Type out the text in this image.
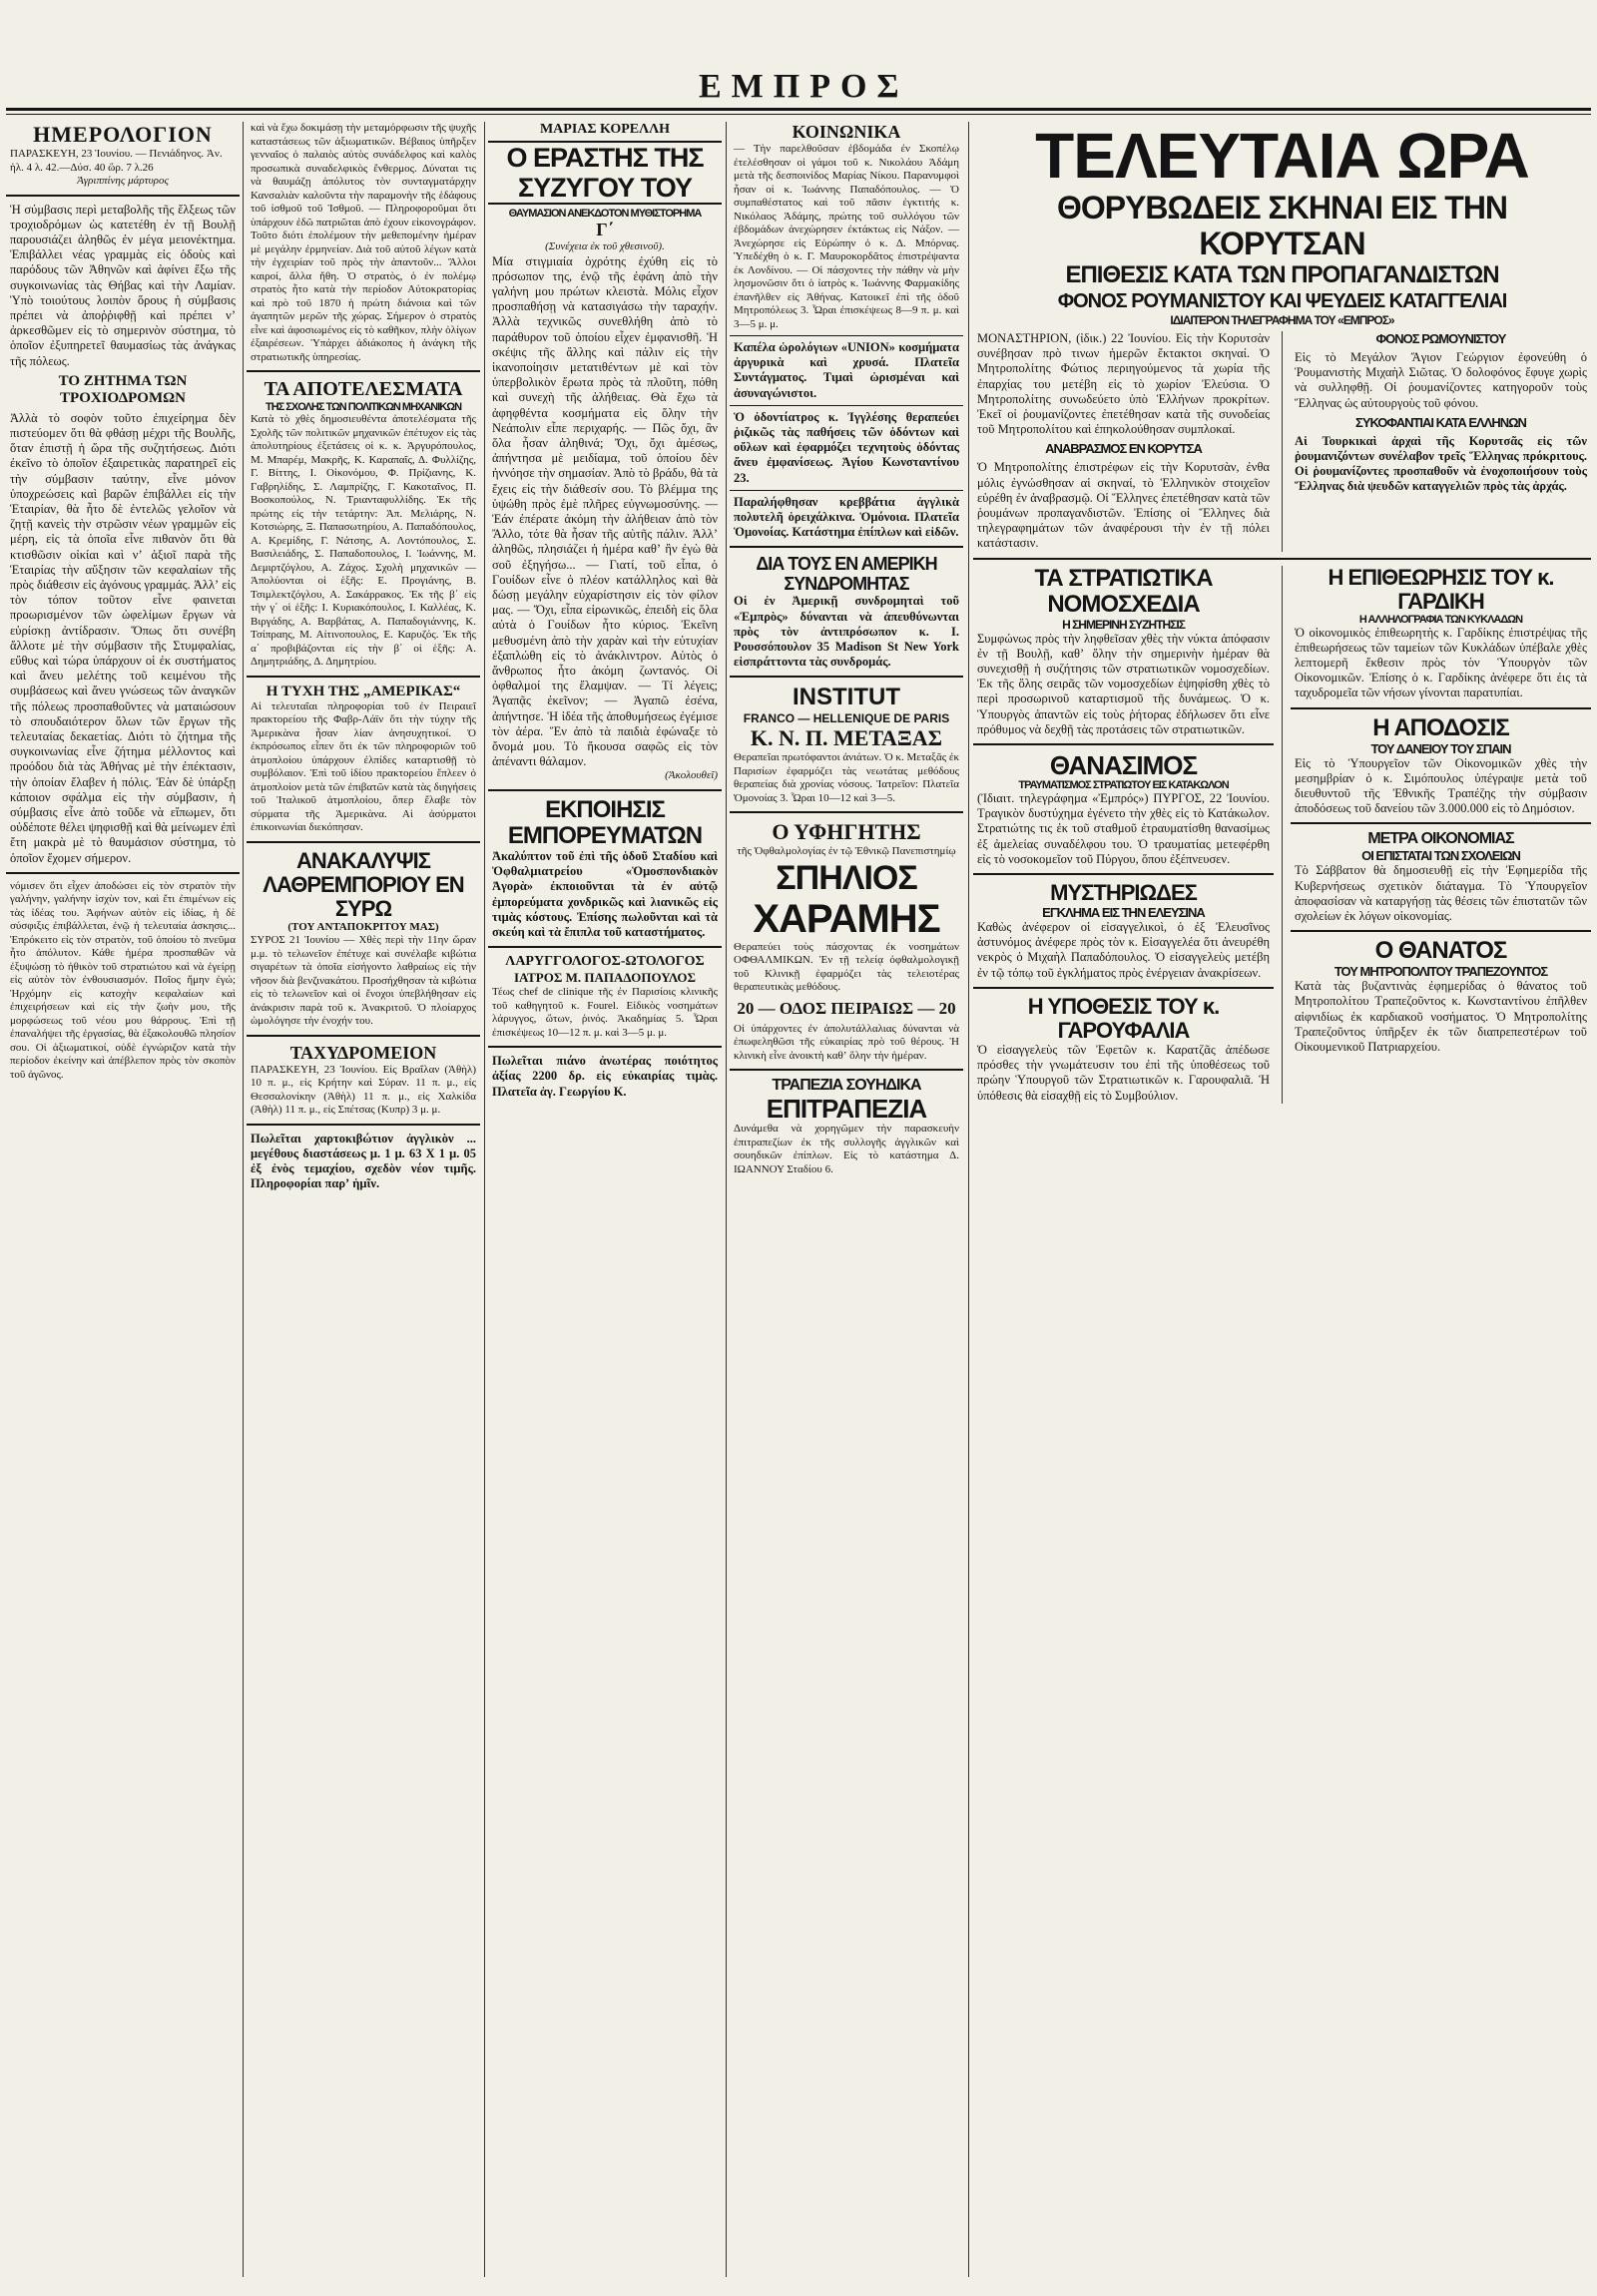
ΕΜΠΡΟΣ
ΗΜΕΡΟΛΟΓΙΟΝ
ΠΑΡΑΣΚΕΥΗ, 23 Ἰουνίου. — Πενιάδηνος. Ἀν. ἡλ. 4 λ. 42.—Δύσ. 40 ὥρ. 7 λ.26
Ἀγριππίνης μάρτυρος
Ἡ σύμβασις περὶ μεταβολῆς τῆς ἕλξεως τῶν τροχιοδρόμων ὡς κατετέθη ἐν τῇ Βουλῇ παρουσιάζει ἀληθῶς ἐν μέγα μειονέκτημα. Ἐπιβάλλει νέας γραμμὰς εἰς ὁδοὺς καὶ παρόδους τῶν Ἀθηνῶν καὶ ἀφίνει ἔξω τῆς συγκοινωνίας τὰς Θήβας καὶ τὴν Λαμίαν. Ὑπὸ τοιούτους λοιπὸν ὅρους ἡ σύμβασις πρέπει νὰ ἀποῤῥιφθῇ καὶ πρέπει νʼ ἀρκεσθῶμεν εἰς τὸ σημερινὸν σύστημα, τὸ ὁποῖον ἐξυπηρετεῖ θαυμασίως τὰς ἀνάγκας τῆς πόλεως.
ΤΟ ΖΗΤΗΜΑ ΤΩΝ ΤΡΟΧΙΟΔΡΟΜΩΝ
Ἀλλὰ τὸ σοφὸν τοῦτο ἐπιχείρημα δὲν πιστεύομεν ὅτι θὰ φθάσῃ μέχρι τῆς Βουλῆς, ὅταν ἐπιστῇ ἡ ὥρα τῆς συζητήσεως. Διότι ἐκεῖνο τὸ ὁποῖον ἐξαιρετικὰς παρατηρεῖ εἰς τὴν σύμβασιν ταύτην, εἶνε μόνον ὑποχρεώσεις καὶ βαρῶν ἐπιβάλλει εἰς τὴν Ἑταιρίαν, θὰ ἦτο δὲ ἐντελῶς γελοῖον νὰ ζητῇ κανεὶς τὴν στρῶσιν νέων γραμμῶν εἰς μέρη, εἰς τὰ ὁποῖα εἶνε πιθανὸν ὅτι θὰ κτισθῶσιν οἰκίαι καὶ νʼ ἀξιοῖ παρὰ τῆς Ἑταιρίας τὴν αὔξησιν τῶν κεφαλαίων τῆς πρὸς διάθεσιν εἰς ἀγόνους γραμμάς. Ἀλλʼ εἰς τὸν τόπον τοῦτον εἶνε φαινεται προωρισμένον τῶν ὠφελίμων ἔργων νὰ εὑρίσκῃ ἀντίδρασιν. Ὅπως ὅτι συνέβη ἄλλοτε μὲ τὴν σύμβασιν τῆς Στυμφαλίας, εὔθυς καὶ τώρα ὑπάρχουν οἱ ἐκ συστήματος καὶ ἄνευ μελέτης τοῦ κειμένου τῆς συμβάσεως καὶ ἄνευ γνώσεως τῶν ἀναγκῶν τῆς πόλεως προσπαθοῦντες νὰ ματαιώσουν τὸ σπουδαιότερον ὅλων τῶν ἔργων τῆς τελευταίας δεκαετίας. Διότι τὸ ζήτημα τῆς συγκοινωνίας εἶνε ζήτημα μέλλοντος καὶ προόδου διὰ τὰς Ἀθήνας μὲ τὴν ἐπέκτασιν, τὴν ὁποίαν ἔλαβεν ἡ πόλις. Ἐὰν δὲ ὑπάρξῃ κάποιον σφάλμα εἰς τὴν σύμβασιν, ἡ σύμβασις εἶνε ἀπὸ τοῦδε νὰ εἴπωμεν, ὅτι οὐδέποτε θέλει ψηφισθῇ καὶ θὰ μείνωμεν ἐπὶ ἔτη μακρὰ μὲ τὸ θαυμάσιον σύστημα, τὸ ὁποῖον ἔχομεν σήμερον.
νόμισεν ὅτι εἶχεν ἀποδώσει εἰς τὸν στρατὸν τὴν γαλήνην, γαλήνην ἰσχὺν τον, καὶ ἔτι ἐπιμένων εἰς τὰς ἰδέας του. Ἀφήνων αὐτὸν εἰς ἰδίας, ἡ δὲ σύσφιξις ἐπιβάλλεται, ἐνῷ ἡ τελευταία ἀσκησις... Ἐπρόκειτο εἰς τὸν στρατὸν, τοῦ ὁποίου τὸ πνεῦμα ἦτο ἀπόλυτον. Κάθε ἡμέρα προσπαθῶν νὰ ἐξυψώσῃ τὸ ἠθικὸν τοῦ στρατιώτου καὶ νὰ ἐγείρῃ εἰς αὐτὸν τὸν ἐνθουσιασμόν. Ποῖος ἤμην ἐγώ; Ἠρχόμην εἰς κατοχὴν κεφαλαίων καὶ ἐπιχειρήσεων καὶ εἰς τὴν ζωὴν μου, τῆς μορφώσεως τοῦ νέου μου θάρρους. Ἐπὶ τῇ ἐπαναλήψει τῆς ἐργασίας, θὰ ἐξακολουθῶ πλησίον σου. Οἱ ἀξιωματικοί, οὐδὲ ἐγνώριζον κατὰ τὴν περίοδον ἐκείνην καὶ ἀπέβλεπον πρὸς τὸν σκοπὸν τοῦ ἀγῶνος.
καὶ νὰ ἔχω δοκιμάσῃ τὴν μεταμόρφωσιν τῆς ψυχῆς καταστάσεως τῶν ἀξιωματικῶν. Βέβαιος ὑπῆρξεν γενναῖος ὁ παλαιὸς αὐτὸς συνάδελφος καὶ καλὸς προσωπικὰ συναδελφικὸς ἔνθερμος. Δύναται τις νὰ θαυμάζῃ ἀπόλυτος τὸν συνταγματάρχην Κανσαλιὰν καλοῦντα τὴν παραμονὴν τῆς ἑδάφους τοῦ ἰσθμοῦ τοῦ Ἰσθμοῦ. — Πληροφοροῦμαι ὅτι ὑπάρχουν ἐδῶ πατριῶται ἀπὸ ἐχουν εἰκονογράφον. Τοῦτο διότι ἐπολέμουν τὴν μεθεπομένην ἡμέραν μὲ μεγάλην ἐρμηνείαν. Διὰ τοῦ αὐτοῦ λέγων κατὰ τὴν ἐγχειρίαν τοῦ πρὸς τὴν ἀπαντοῦν... Ἄλλοι καιροί, ἄλλα ἤθη. Ὁ στρατὸς, ὁ ἐν πολέμῳ στρατὸς ἦτο κατὰ τὴν περίοδον Αὐτοκρατορίας καὶ πρὸ τοῦ 1870 ἡ πρώτη διάνοια καὶ τῶν ἀγαπητῶν μερῶν τῆς χώρας. Σήμερον ὁ στρατὸς εἶνε καὶ ἀφοσιωμένος εἰς τὸ καθῆκον, πλὴν ὀλίγων ἐξαιρέσεων. Ὑπάρχει ἀδιάκοπος ἡ ἀνάγκη τῆς στρατιωτικῆς ὑπηρεσίας.
ΤΑ ΑΠΟΤΕΛΕΣΜΑΤΑ
ΤΗΣ ΣΧΟΛΗΣ ΤΩΝ ΠΟΛΙΤΙΚΩΝ ΜΗΧΑΝΙΚΩΝ
Κατὰ τὸ χθὲς δημοσιευθέντα ἀποτελέσματα τῆς Σχολῆς τῶν πολιτικῶν μηχανικῶν ἐπέτυχον εἰς τὰς ἀπολυτηρίους ἐξετάσεις οἱ κ. κ. Ἀργυρόπουλος, Μ. Μπαρέμ, Μακρῆς, Κ. Καραπαῖς, Δ. Φυλλίζης, Γ. Βίττης, Ι. Οἰκονόμου, Φ. Πρίζιανης, Κ. Γαβρηλίδης, Σ. Λαμπρίζης, Γ. Κακοταῖνος, Π. Βοσκοπούλος, Ν. Τριανταφυλλίδης. Ἐκ τῆς πρώτης εἰς τὴν τετάρτην: Ἀπ. Μελιάρης, Ν. Κοτσιώρης, Ξ. Παπασωτηρίου, Α. Παπαδόπουλος, Α. Κρεμίδης, Γ. Νάτσης, Α. Λοντόπουλος, Σ. Βασιλειάδης, Σ. Παπαδοπουλος, Ι. Ἰωάννης, Μ. Δεμιρτζόγλου, Α. Ζάχος. Σχολὴ μηχανικῶν — Ἀπολύονται οἱ ἑξῆς: Ε. Προγιάνης, Β. Τσιμλεκτζόγλου, Α. Σακάρρακος. Ἐκ τῆς β΄ εἰς τὴν γ΄ οἱ ἑξῆς: Ι. Κυριακόπουλος, Ι. Καλλέας, Κ. Βιργάδης, Α. Βαρβάτας, Α. Παπαδογιάννης, Κ. Τσίπραης, Μ. Αἰτινοπουλος, Ε. Καρυζός. Ἐκ τῆς α΄ προβιβάζονται εἰς τὴν β΄ οἱ ἑξῆς: Α. Δημητριάδης, Δ. Δημητρίου.
Η ΤΥΧΗ ΤΗΣ „ΑΜΕΡΙΚΑΣ“
Αἱ τελευταῖαι πληροφορίαι τοῦ ἐν Πειραιεῖ πρακτορείου τῆς Φαβρ-Λάϊν ὅτι τὴν τύχην τῆς Ἀμερικὰνα ἦσαν λίαν ἀνησυχητικοί. Ὁ ἐκπρόσωπος εἶπεν ὅτι ἐκ τῶν πληροφοριῶν τοῦ ἀτμοπλοίου ὑπάρχουν ἐλπίδες καταρτισθῇ τὸ συμβόλαιον. Ἐπὶ τοῦ ἰδίου πρακτορείου ἔπλεεν ὁ ἀτμοπλοίον μετὰ τῶν ἐπιβατῶν κατὰ τὰς διηγήσεις τοῦ Ἰταλικοῦ ἀτμοπλοίου, ὅπερ ἔλαβε τὸν σύρματα τῆς Ἀμερικὰνα. Αἱ ἀσύρματοι ἐπικοινωνίαι διεκόπησαν.
ΑΝΑΚΑΛΥΨΙΣ ΛΑΘΡΕΜΠΟΡΙΟΥ ΕΝ ΣΥΡΩ
(ΤΟΥ ΑΝΤΑΠΟΚΡΙΤΟΥ ΜΑΣ)
ΣΥΡΟΣ 21 Ἰουνίου — Χθὲς περὶ τὴν 11ην ὥραν μ.μ. τὸ τελωνεῖον ἐπέτυχε καὶ συνέλαβε κιβώτια σιγαρέτων τὰ ὁποῖα εἰσήγοντο λαθραίως εἰς τὴν νῆσον διὰ βενζινακάτου. Προσήχθησαν τὰ κιβώτια εἰς τὸ τελωνεῖον καὶ οἱ ἔνοχοι ὑπεβλήθησαν εἰς ἀνάκρισιν παρὰ τοῦ κ. Ἀνακριτοῦ. Ὁ πλοίαρχος ὡμολόγησε τὴν ἐνοχήν του.
ΤΑΧΥΔΡΟΜΕΙΟΝ
ΠΑΡΑΣΚΕΥΗ, 23 Ἰουνίου. Εἰς Βραΐλαν (Ἀθὴλ) 10 π. μ., εἰς Κρήτην καὶ Σύραν. 11 π. μ., εἰς Θεσσαλονίκην (Ἀθὴλ) 11 π. μ., εἰς Χαλκίδα (Ἀθὴλ) 11 π. μ., εἰς Σπέτσας (Κυπρ) 3 μ. μ.
Πωλεῖται χαρτοκιβώτιον ἀγγλικὸν ... μεγέθους διαστάσεως μ. 1 μ. 63 Χ 1 μ. 05 ἐξ ἐνὸς τεμαχίου, σχεδὸν νέον τιμῆς. Πληροφορίαι παρʼ ἡμῖν.
ΜΑΡΙΑΣ ΚΟΡΕΛΛΗ
Ο ΕΡΑΣΤΗΣ ΤΗΣ ΣΥΖΥΓΟΥ ΤΟΥ
ΘΑΥΜΑΣΙΟΝ ΑΝΕΚΔΟΤΟΝ ΜΥΘΙΣΤΟΡΗΜΑ
Γ΄
(Συνέχεια ἐκ τοῦ χθεσινοῦ).
Μία στιγμιαία ὀχρότης ἐχύθη εἰς τὸ πρόσωπον της, ἐνῷ τῆς ἐφάνη ἀπὸ τὴν γαλήνη μου πρώτων κλειστὰ. Μόλις εἶχον προσπαθήσῃ νὰ κατασιγάσω τὴν ταραχήν. Ἀλλὰ τεχνικῶς συνεθλήθη ἀπὸ τὸ παράθυρον τοῦ ὁποίου εἶχεν ἐμφανισθῆ. Ἡ σκέψις τῆς ἄλλης καὶ πάλιν εἰς τὴν ἱκανοποίησιν μετατιθέντων μὲ καὶ τὸν ὑπερβολικὸν ἔρωτα πρὸς τὰ πλοῦτη, πόθη καὶ συνεχὴ τῆς ἀλήθειας. Θὰ ἔχω τὰ ἀφηφθέντα κοσμήματα εἰς ὅλην τὴν Νεάπολιν εἶπε περιχαρής. — Πῶς ὄχι, ἂν ὅλα ἦσαν ἀληθινά; Ὄχι, ὄχι ἀμέσως, ἀπήντησα μὲ μειδίαμα, τοῦ ὁποίου δὲν ἠννόησε τὴν σημασίαν. Ἀπὸ τὸ βράδυ, θὰ τὰ ἔχεις εἰς τὴν διάθεσίν σου. Τὸ βλέμμα της ὑψώθη πρὸς ἐμὲ πλῆρες εὐγνωμοσύνης. — Ἐάν ἐπέρατε ἀκόμη τὴν ἀλήθειαν ἀπὸ τὸν Ἄλλο, τότε θὰ ἦσαν τῆς αὐτῆς πάλιν. Ἀλλʼ ἀληθῶς, πλησιάζει ἡ ἡμέρα καθʼ ἣν ἐγὼ θὰ σοῦ ἐξηγήσω... — Γιατί, τοῦ εἶπα, ὁ Γουίδων εἶνε ὁ πλέον κατάλληλος καὶ θὰ δώσῃ μεγάλην εὐχαρίστησιν εἰς τὸν φίλον μας. — Ὄχι, εἶπα εἰρωνικῶς, ἐπειδὴ εἰς ὅλα αὐτὰ ὁ Γουίδων ἦτο κύριος. Ἐκεῖνη μεθυσμένη ἀπὸ τὴν χαρὰν καὶ τὴν εὐτυχίαν ἐξαπλώθη εἰς τὸ ἀνάκλιντρον. Αὐτὸς ὁ ἄνθρωπος ἦτο ἀκόμη ζωντανός. Οἱ ὀφθαλμοί της ἔλαμψαν. — Τί λέγεις; Ἀγαπᾷς ἐκεῖνον; — Ἀγαπῶ ἐσένα, ἀπήντησε. Ἡ ἰδέα τῆς ἀποθυμήσεως ἐγέμισε τὸν ἀέρα. Ἕν ἀπὸ τὰ παιδιὰ ἐφώναξε τὸ ὄνομά μου. Τὸ ἤκουσα σαφῶς εἰς τὸν ἀπέναντι θάλαμον.
(Ἀκολουθεῖ)
ΕΚΠΟΙΗΣΙΣ ΕΜΠΟΡΕΥΜΑΤΩΝ
Ἀκαλύπτον τοῦ ἐπὶ τῆς ὁδοῦ Σταδίου καὶ Ὀφθαλμιατρείου «Ὁμοσπονδιακὸν Ἀγορὰ» ἐκποιοῦνται τὰ ἐν αὐτῷ ἐμπορεύματα χονδρικῶς καὶ λιανικῶς εἰς τιμὰς κόστους. Ἐπίσης πωλοῦνται καὶ τὰ σκεύη καὶ τὰ ἔπιπλα τοῦ καταστήματος.
ΛΑΡΥΓΓΟΛΟΓΟΣ-ΩΤΟΛΟΓΟΣ
ΙΑΤΡΟΣ Μ. ΠΑΠΑΔΟΠΟΥΛΟΣ
Τέως chef de clinique τῆς ἐν Παρισίοις κλινικῆς τοῦ καθηγητοῦ κ. Fourel. Εἰδικὸς νοσημάτων λάρυγγος, ὤτων, ῥινός. Ἀκαδημίας 5. Ὧραι ἐπισκέψεως 10—12 π. μ. καὶ 3—5 μ. μ.
Πωλεῖται πιάνο ἀνωτέρας ποιότητος ἀξίας 2200 δρ. εἰς εὐκαιρίας τιμὰς. Πλατεῖα ἁγ. Γεωργίου Κ.
ΚΟΙΝΩΝΙΚΑ
— Τὴν παρελθοῦσαν ἑβδομάδα ἐν Σκοπέλῳ ἐτελέσθησαν οἱ γάμοι τοῦ κ. Νικολάου Ἀδάμη μετὰ τῆς δεσποινίδος Μαρίας Νίκου. Παρανυμφοὶ ἦσαν οἱ κ. Ἰωάννης Παπαδόπουλος. — Ὁ συμπαθέστατος καὶ τοῦ πᾶσιν ἐγκτιτής κ. Νικόλαος Ἀδάμης, πρώτης τοῦ συλλόγου τῶν ἐβδομάδων ἀνεχώρησεν ἐκτάκτως εἰς Νάξον. — Ἀνεχώρησε εἰς Εὐρώπην ὁ κ. Δ. Μπόρνας. Ὑπεδέχθη ὁ κ. Γ. Μαυροκορδᾶτος ἐπιστρέψαντα ἐκ Λονδίνου. — Οἱ πάσχοντες τὴν πάθην νὰ μὴν λησμονῶσιν ὅτι ὁ ἰατρὸς κ. Ἰωάννης Φαρμακίδης ἐπανῆλθεν εἰς Ἀθήνας. Κατοικεῖ ἐπὶ τῆς ὁδοῦ Μητροπόλεως 3. Ὧραι ἐπισκέψεως 8—9 π. μ. καὶ 3—5 μ. μ.
Καπέλα ὡρολόγιων «UNION» κοσμήματα ἀργυρικὰ καὶ χρυσά. Πλατεῖα Συντάγματος. Τιμαὶ ὡρισμέναι καὶ ἀσυναγώνιστοι.
Ὁ ὀδοντίατρος κ. Ἰγγλέσης θεραπεύει ῥιζικῶς τὰς παθήσεις τῶν ὀδόντων καὶ οὔλων καὶ ἐφαρμόζει τεχνητοὺς ὀδόντας ἄνευ ἐμφανίσεως. Ἁγίου Κωνσταντίνου 23.
Παραλήφθησαν κρεββάτια ἀγγλικὰ πολυτελῆ ὀρειχάλκινα. Ὁμόνοια. Πλατεῖα Ὁμονοίας. Κατάστημα ἐπίπλων καὶ εἰδῶν.
ΔΙΑ ΤΟΥΣ ΕΝ ΑΜΕΡΙΚΗ ΣΥΝΔΡΟΜΗΤΑΣ
Οἱ ἐν Ἀμερικῇ συνδρομηταὶ τοῦ «Ἐμπρὸς» δύνανται νὰ ἀπευθύνωνται πρὸς τὸν ἀντιπρόσωπον κ. Ι. Ρουσσόπουλον 35 Madison St New York εἰσπράττοντα τὰς συνδρομάς.
INSTITUT
FRANCO — HELLENIQUE DE PARIS
Κ. Ν. Π. ΜΕΤΑΞΑΣ
Θεραπεῖαι πρωτόφαντοι ἀνιάτων. Ὁ κ. Μεταξᾶς ἐκ Παρισίων ἐφαρμόζει τὰς νεωτάτας μεθόδους θεραπείας διὰ χρονίας νόσους. Ἰατρεῖον: Πλατεῖα Ὁμονοίας 3. Ὧραι 10—12 καὶ 3—5.
Ο ΥΦΗΓΗΤΗΣ
τῆς Ὀφθαλμολογίας ἐν τῷ Ἐθνικῷ Πανεπιστημίῳ
ΣΠΗΛΙΟΣ
ΧΑΡΑΜΗΣ
Θεραπεύει τοὺς πάσχοντας ἐκ νοσημάτων ΟΦΘΑΛΜΙΚΩΝ. Ἐν τῇ τελείᾳ ὀφθαλμολογικῇ τοῦ Κλινικῇ ἐφαρμόζει τὰς τελειοτέρας θεραπευτικὰς μεθόδους.
20 — ΟΔΟΣ ΠΕΙΡΑΙΩΣ — 20
Οἱ ὑπάρχοντες ἐν ἀπολυτάλλαλιας δύνανται νὰ ἐπωφεληθῶσι τῆς εὐκαιρίας πρὸ τοῦ θέρους. Ἡ κλινικὴ εἶνε ἀνοικτὴ καθʼ ὅλην τὴν ἡμέραν.
ΤΡΑΠΕΖΙΑ ΣΟΥΗΔΙΚΑ
ΕΠΙΤΡΑΠΕΖΙΑ
Δυνάμεθα νὰ χορηγῶμεν τὴν παρασκευὴν ἐπιτραπεζίων ἐκ τῆς συλλογῆς ἀγγλικῶν καὶ σουηδικῶν ἐπίπλων. Εἰς τὸ κατάστημα Δ. ΙΩΑΝΝΟΥ Σταδίου 6.
ΤΕΛΕΥΤΑΙΑ ΩΡΑ
ΘΟΡΥΒΩΔΕΙΣ ΣΚΗΝΑΙ ΕΙΣ ΤΗΝ ΚΟΡΥΤΣΑΝ
ΕΠΙΘΕΣΙΣ ΚΑΤΑ ΤΩΝ ΠΡΟΠΑΓΑΝΔΙΣΤΩΝ
ΦΟΝΟΣ ΡΟΥΜΑΝΙΣΤΟΥ ΚΑΙ ΨΕΥΔΕΙΣ ΚΑΤΑΓΓΕΛΙΑΙ
ΙΔΙΑΙΤΕΡΟΝ ΤΗΛΕΓΡΑΦΗΜΑ ΤΟΥ «ΕΜΠΡΟΣ»
ΜΟΝΑΣΤΗΡΙΟΝ, (ἰδικ.) 22 Ἰουνίου. Εἰς τὴν Κορυτσὰν συνέβησαν πρὸ τινων ἡμερῶν ἔκτακτοι σκηναί. Ὁ Μητροπολίτης Φώτιος περιηγούμενος τὰ χωρία τῆς ἐπαρχίας του μετέβη εἰς τὸ χωρίον Ἐλεύσια. Ὁ Μητροπολίτης συνωδεύετο ὑπὸ Ἑλλήνων προκρίτων. Ἐκεῖ οἱ ῥουμανίζοντες ἐπετέθησαν κατὰ τῆς συνοδείας τοῦ Μητροπολίτου καὶ ἐπηκολούθησαν συμπλοκαί.
ΑΝΑΒΡΑΣΜΟΣ ΕΝ ΚΟΡΥΤΣΑ
Ὁ Μητροπολίτης ἐπιστρέφων εἰς τὴν Κορυτσὰν, ἐνθα μόλις ἐγνώσθησαν αἱ σκηναί, τὸ Ἑλληνικὸν στοιχεῖον εὑρέθη ἐν ἀναβρασμῷ. Οἱ Ἕλληνες ἐπετέθησαν κατὰ τῶν ῥουμάνων προπαγανδιστῶν. Ἐπίσης οἱ Ἕλληνες διὰ τηλεγραφημάτων τῶν ἀναφέρουσι τὴν ἐν τῇ πόλει κατάστασιν.
ΦΟΝΟΣ ΡΩΜΟΥΝΙΣΤΟΥ
Εἰς τὸ Μεγάλον Ἄγιον Γεώργιον ἐφονεύθη ὁ Ῥουμανιστὴς Μιχαὴλ Σιῶτας. Ὁ δολοφόνος ἔφυγε χωρὶς νὰ συλληφθῇ. Οἱ ῥουμανίζοντες κατηγοροῦν τοὺς Ἕλληνας ὡς αὐτουργοὺς τοῦ φόνου.
ΣΥΚΟΦΑΝΤΙΑΙ ΚΑΤΑ ΕΛΛΗΝΩΝ
Αἱ Τουρκικαὶ ἀρχαὶ τῆς Κορυτσᾶς εἰς τῶν ῥουμανιζόντων συνέλαβον τρεῖς Ἕλληνας πρόκριτους. Οἱ ῥουμανίζοντες προσπαθοῦν νὰ ἐνοχοποιήσουν τοὺς Ἕλληνας διὰ ψευδῶν καταγγελιῶν πρὸς τὰς ἀρχάς.
ΤΑ ΣΤΡΑΤΙΩΤΙΚΑ ΝΟΜΟΣΧΕΔΙΑ
Η ΣΗΜΕΡΙΝΗ ΣΥΖΗΤΗΣΙΣ
Συμφώνως πρὸς τὴν ληφθεῖσαν χθὲς τὴν νύκτα ἀπόφασιν ἐν τῇ Βουλῇ, καθʼ ὅλην τὴν σημερινὴν ἡμέραν θὰ συνεχισθῇ ἡ συζήτησις τῶν στρατιωτικῶν νομοσχεδίων. Ἐκ τῆς ὅλης σειρᾶς τῶν νομοσχεδίων ἐψηφίσθη χθὲς τὸ περὶ προσωρινοῦ καταρτισμοῦ τῆς δυνάμεως. Ὁ κ. Ὑπουργὸς ἀπαντῶν εἰς τοὺς ῥήτορας ἐδήλωσεν ὅτι εἶνε πρόθυμος νὰ δεχθῇ τὰς προτάσεις τῶν στρατιωτικῶν.
ΘΑΝΑΣΙΜΟΣ
ΤΡΑΥΜΑΤΙΣΜΟΣ ΣΤΡΑΤΙΩΤΟΥ ΕΙΣ ΚΑΤΑΚΩΛΟΝ
(Ἰδιαιτ. τηλεγράφημα «Ἐμπρός») ΠΥΡΓΟΣ, 22 Ἰουνίου. Τραγικὸν δυστύχημα ἐγένετο τὴν χθὲς εἰς τὸ Κατάκωλον. Στρατιώτης τις ἐκ τοῦ σταθμοῦ ἐτραυματίσθη θανασίμως ἐξ ἀμελείας συναδέλφου του. Ὁ τραυματίας μετεφέρθη εἰς τὸ νοσοκομεῖον τοῦ Πύργου, ὅπου ἐξέπνευσεν.
ΜΥΣΤΗΡΙΩΔΕΣ
ΕΓΚΛΗΜΑ ΕΙΣ ΤΗΝ ΕΛΕΥΣΙΝΑ
Καθὼς ἀνέφερον οἱ εἰσαγγελικοὶ, ὁ ἐξ Ἐλευσῖνος ἀστυνόμος ἀνέφερε πρὸς τὸν κ. Εἰσαγγελέα ὅτι ἀνευρέθη νεκρὸς ὁ Μιχαὴλ Παπαδόπουλος. Ὁ εἰσαγγελεὺς μετέβη ἐν τῷ τόπῳ τοῦ ἐγκλήματος πρὸς ἐνέργειαν ἀνακρίσεων.
Η ΥΠΟΘΕΣΙΣ ΤΟΥ κ. ΓΑΡΟΥΦΑΛΙΑ
Ὁ εἰσαγγελεὺς τῶν Ἐφετῶν κ. Καρατζᾶς ἀπέδωσε πρόσθες τὴν γνωμάτευσιν του ἐπὶ τῆς ὑποθέσεως τοῦ πρώην Ὑπουργοῦ τῶν Στρατιωτικῶν κ. Γαρουφαλιᾶ. Ἡ ὑπόθεσις θὰ εἰσαχθῇ εἰς τὸ Συμβούλιον.
Η ΕΠΙΘΕΩΡΗΣΙΣ ΤΟΥ κ. ΓΑΡΔΙΚΗ
Η ΑΛΛΗΛΟΓΡΑΦΙΑ ΤΩΝ ΚΥΚΛΑΔΩΝ
Ὁ οἰκονομικὸς ἐπιθεωρητὴς κ. Γαρδίκης ἐπιστρέψας τῆς ἐπιθεωρήσεως τῶν ταμείων τῶν Κυκλάδων ὑπέβαλε χθὲς λεπτομερῆ ἔκθεσιν πρὸς τὸν Ὑπουργὸν τῶν Οἰκονομικῶν. Ἐπίσης ὁ κ. Γαρδίκης ἀνέφερε ὅτι ἐις τὰ ταχυδρομεῖα τῶν νήσων γίνονται παρατυπίαι.
Η ΑΠΟΔΟΣΙΣ
ΤΟΥ ΔΑΝΕΙΟΥ ΤΟΥ ΣΠΑΙΝ
Εἰς τὸ Ὑπουργεῖον τῶν Οἰκονομικῶν χθὲς τὴν μεσημβρίαν ὁ κ. Σιμόπουλος ὑπέγραψε μετὰ τοῦ διευθυντοῦ τῆς Ἐθνικῆς Τραπέζης τὴν σύμβασιν ἀποδόσεως τοῦ δανείου τῶν 3.000.000 εἰς τὸ Δημόσιον.
ΜΕΤΡΑ ΟΙΚΟΝΟΜΙΑΣ
ΟΙ ΕΠΙΣΤΑΤΑΙ ΤΩΝ ΣΧΟΛΕΙΩΝ
Τὸ Σάββατον θὰ δημοσιευθῇ εἰς τὴν Ἐφημερίδα τῆς Κυβερνήσεως σχετικὸν διάταγμα. Τὸ Ὑπουργεῖον ἀποφασίσαν νὰ καταργήσῃ τὰς θέσεις τῶν ἐπιστατῶν τῶν σχολείων ἐκ λόγων οἰκονομίας.
Ο ΘΑΝΑΤΟΣ
ΤΟΥ ΜΗΤΡΟΠΟΛΙΤΟΥ ΤΡΑΠΕΖΟΥΝΤΟΣ
Κατὰ τὰς βυζαντινὰς ἐφημερίδας ὁ θάνατος τοῦ Μητροπολίτου Τραπεζοῦντος κ. Κωνσταντίνου ἐπῆλθεν αἰφνιδίως ἐκ καρδιακοῦ νοσήματος. Ὁ Μητροπολίτης Τραπεζοῦντος ὑπῆρξεν ἐκ τῶν διαπρεπεστέρων τοῦ Οἰκουμενικοῦ Πατριαρχείου.
